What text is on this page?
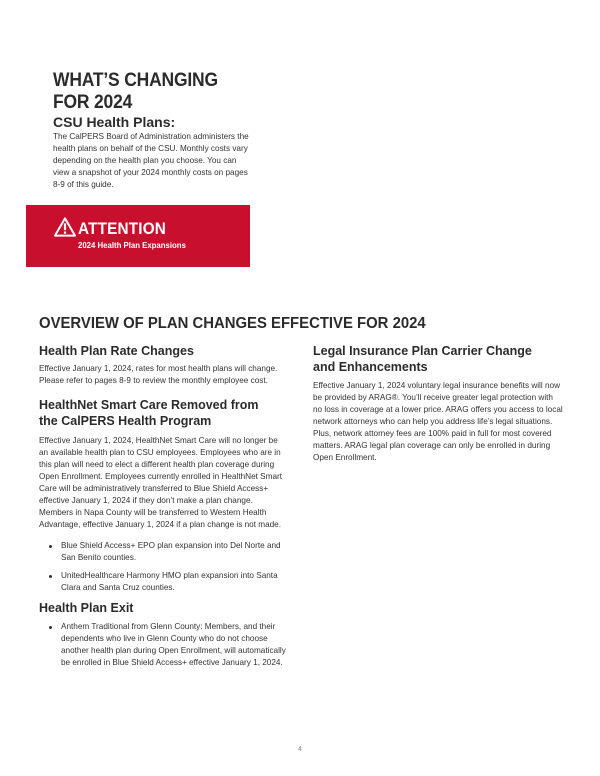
WHAT’S CHANGING
FOR 2024
CSU Health Plans:
The CalPERS Board of Administration administers the health plans on behalf of the CSU. Monthly costs vary depending on the health plan you choose. You can view a snapshot of your 2024 monthly costs on pages 8-9 of this guide.
ATTENTION
2024 Health Plan Expansions
OVERVIEW OF PLAN CHANGES EFFECTIVE FOR 2024
Health Plan Rate Changes
Effective January 1, 2024, rates for most health plans will change. Please refer to pages 8-9 to review the monthly employee cost.
HealthNet Smart Care Removed from the CalPERS Health Program
Effective January 1, 2024, HealthNet Smart Care will no longer be an available health plan to CSU employees. Employees who are in this plan will need to elect a different health plan coverage during Open Enrollment. Employees currently enrolled in HealthNet Smart Care will be administratively transferred to Blue Shield Access+ effective January 1, 2024 if they don’t make a plan change. Members in Napa County will be transferred to Western Health Advantage, effective January 1, 2024 if a plan change is not made.
Blue Shield Access+ EPO plan expansion into Del Norte and San Benito counties.
UnitedHealthcare Harmony HMO plan expansion into Santa Clara and Santa Cruz counties.
Health Plan Exit
Anthem Traditional from Glenn County: Members, and their dependents who live in Glenn County who do not choose another health plan during Open Enrollment, will automatically be enrolled in Blue Shield Access+ effective January 1, 2024.
Legal Insurance Plan Carrier Change and Enhancements
Effective January 1, 2024 voluntary legal insurance benefits will now be provided by ARAG®. You’ll receive greater legal protection with no loss in coverage at a lower price. ARAG offers you access to local network attorneys who can help you address life’s legal situations. Plus, network attorney fees are 100% paid in full for most covered matters. ARAG legal plan coverage can only be enrolled in during Open Enrollment.
4
